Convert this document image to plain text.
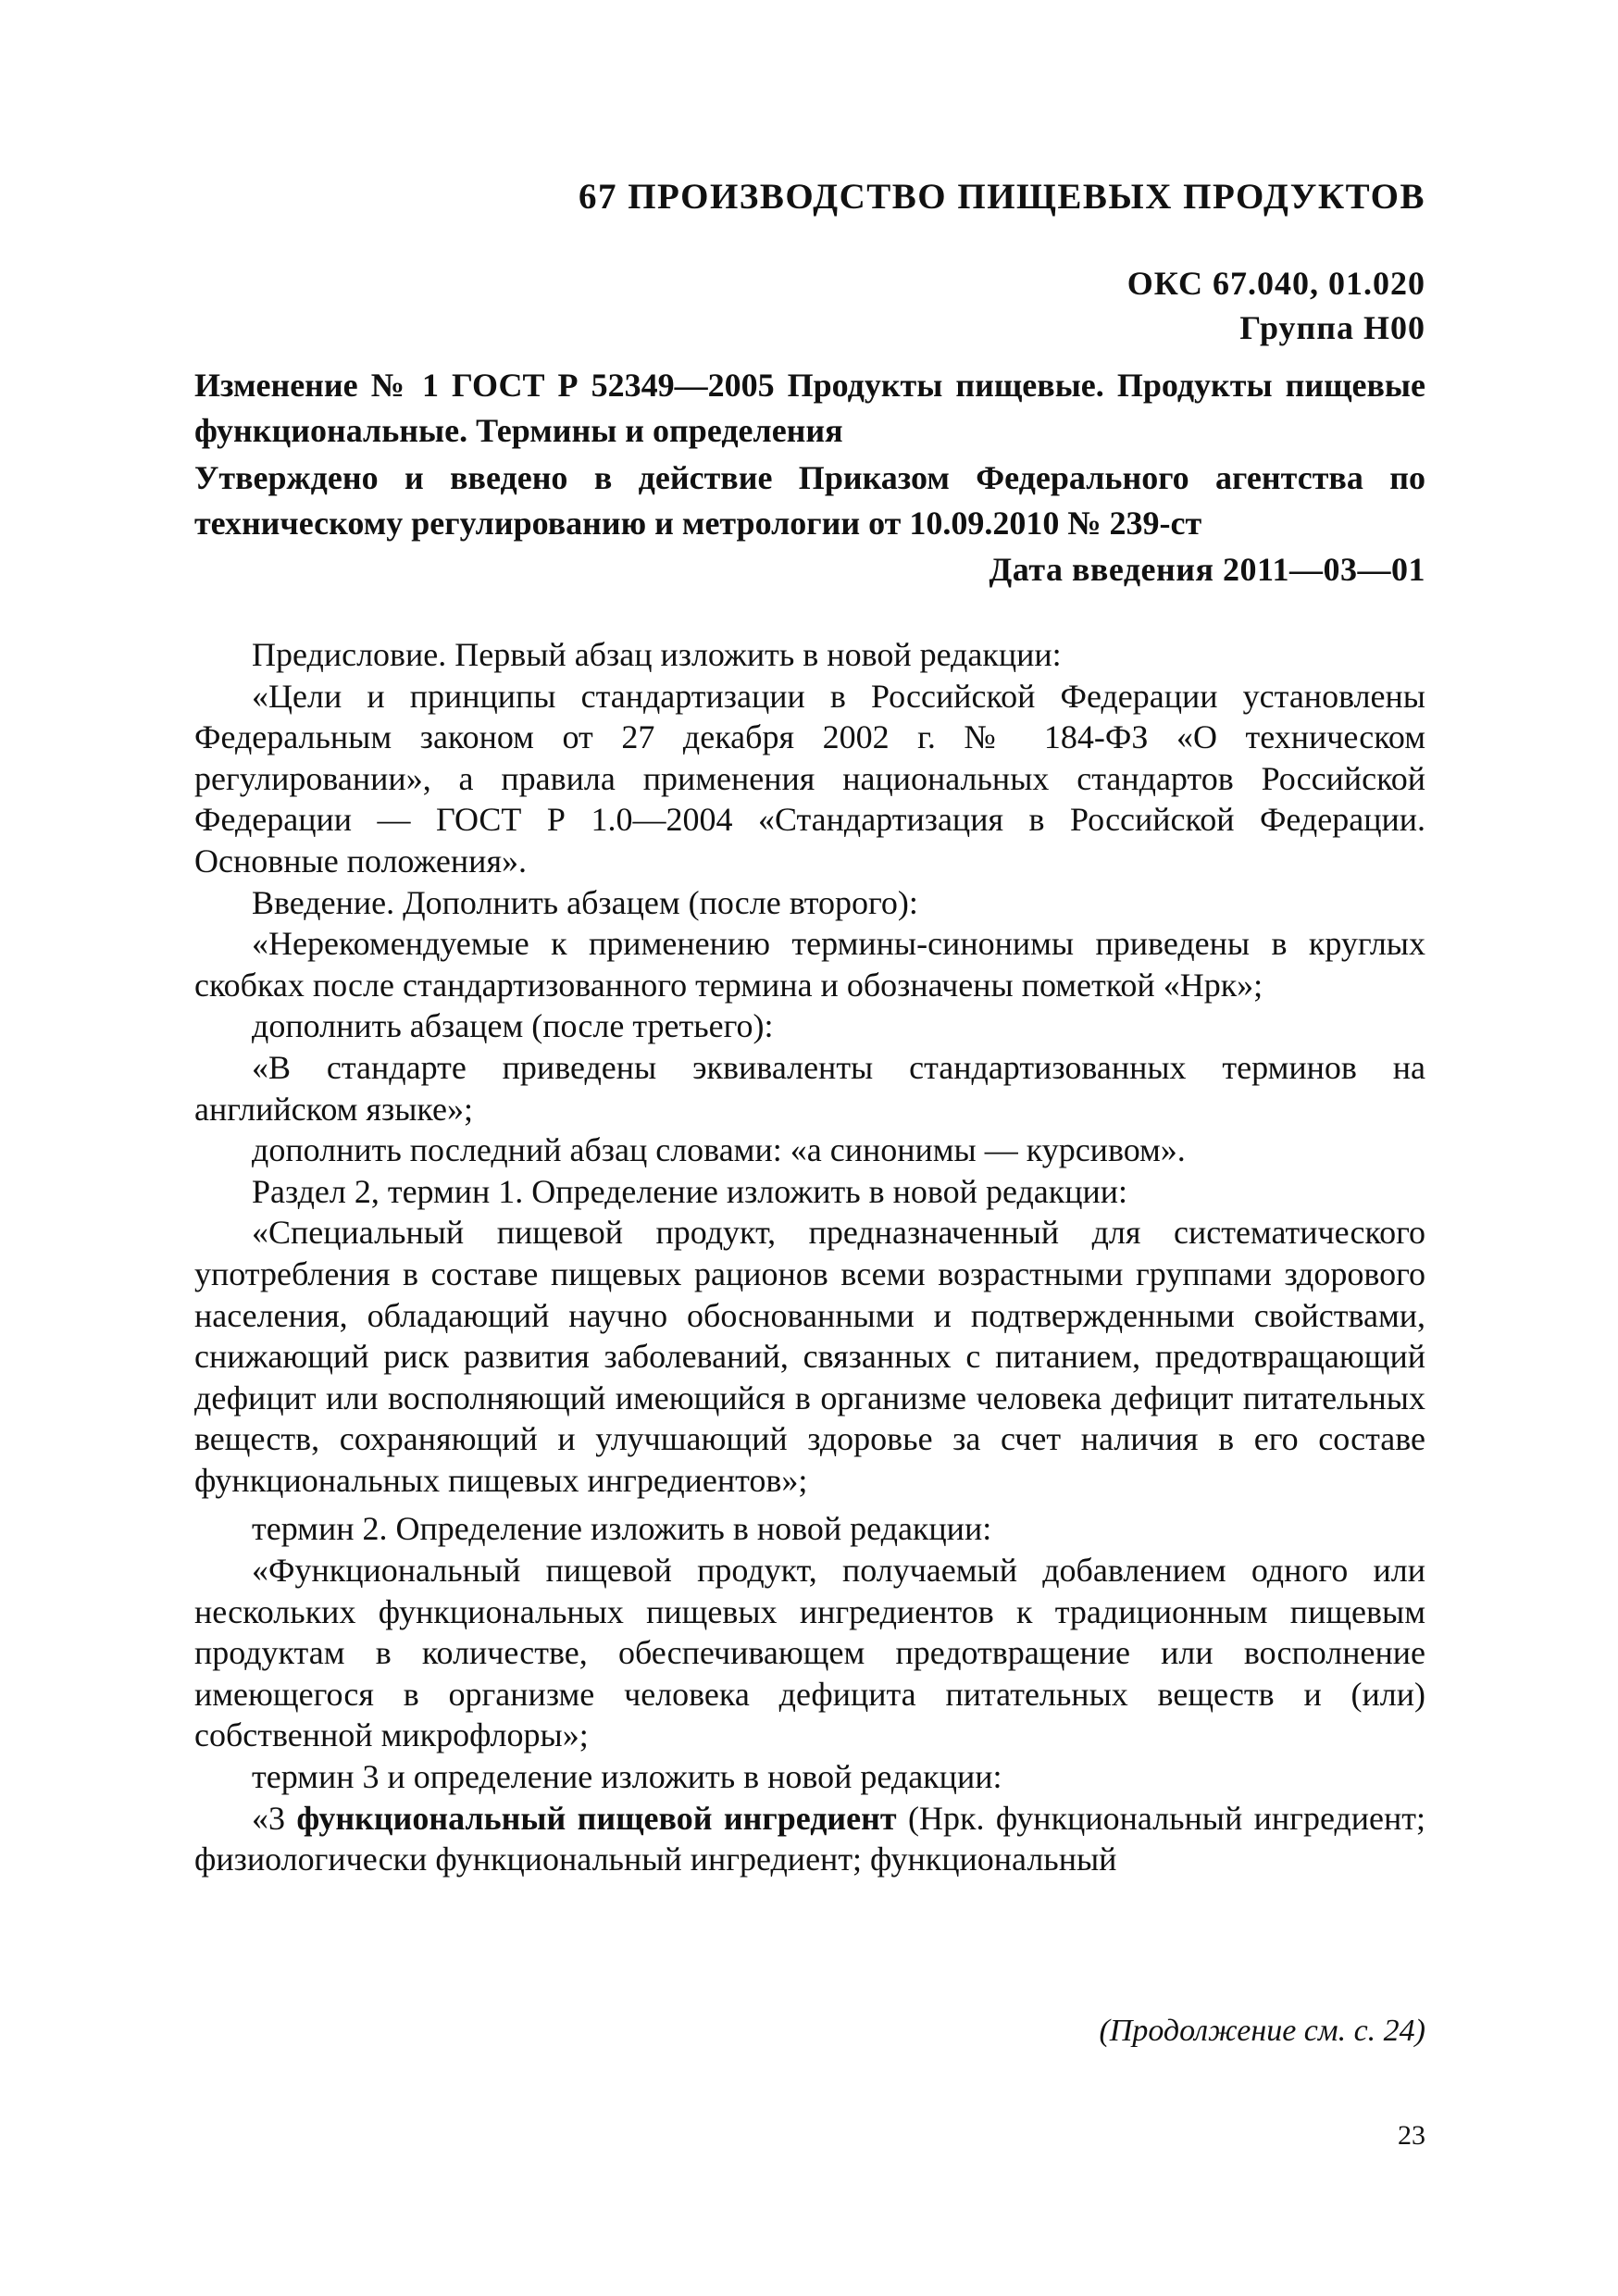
67 ПРОИЗВОДСТВО ПИЩЕВЫХ ПРОДУКТОВ
ОКС 67.040, 01.020
Группа Н00
Изменение № 1 ГОСТ Р 52349—2005 Продукты пищевые. Продукты пищевые функциональные. Термины и определения
Утверждено и введено в действие Приказом Федерального агентства по техническому регулированию и метрологии от 10.09.2010 № 239-ст
Дата введения 2011—03—01

Предисловие. Первый абзац изложить в новой редакции:

«Цели и принципы стандартизации в Российской Федерации установлены Федеральным законом от 27 декабря 2002 г. № 184-ФЗ «О техническом регулировании», а правила применения национальных стандартов Российской Федерации — ГОСТ Р 1.0—2004 «Стандартизация в Российской Федерации. Основные положения».

Введение. Дополнить абзацем (после второго):

«Нерекомендуемые к применению термины-синонимы приведены в круглых скобках после стандартизованного термина и обозначены пометкой «Нрк»;

дополнить абзацем (после третьего):

«В стандарте приведены эквиваленты стандартизованных терминов на английском языке»;

дополнить последний абзац словами: «а синонимы — курсивом».

Раздел 2, термин 1. Определение изложить в новой редакции:

«Специальный пищевой продукт, предназначенный для систематического употребления в составе пищевых рационов всеми возрастными группами здорового населения, обладающий научно обоснованными и подтвержденными свойствами, снижающий риск развития заболеваний, связанных с питанием, предотвращающий дефицит или восполняющий имеющийся в организме человека дефицит питательных веществ, сохраняющий и улучшающий здоровье за счет наличия в его составе функциональных пищевых ингредиентов»;

термин 2. Определение изложить в новой редакции:

«Функциональный пищевой продукт, получаемый добавлением одного или нескольких функциональных пищевых ингредиентов к традиционным пищевым продуктам в количестве, обеспечивающем предотвращение или восполнение имеющегося в организме человека дефицита питательных веществ и (или) собственной микрофлоры»;

термин 3 и определение изложить в новой редакции:

«3 функциональный пищевой ингредиент (Нрк. функциональный ингредиент; физиологически функциональный ингредиент; функциональный

(Продолжение см. с. 24)
23
